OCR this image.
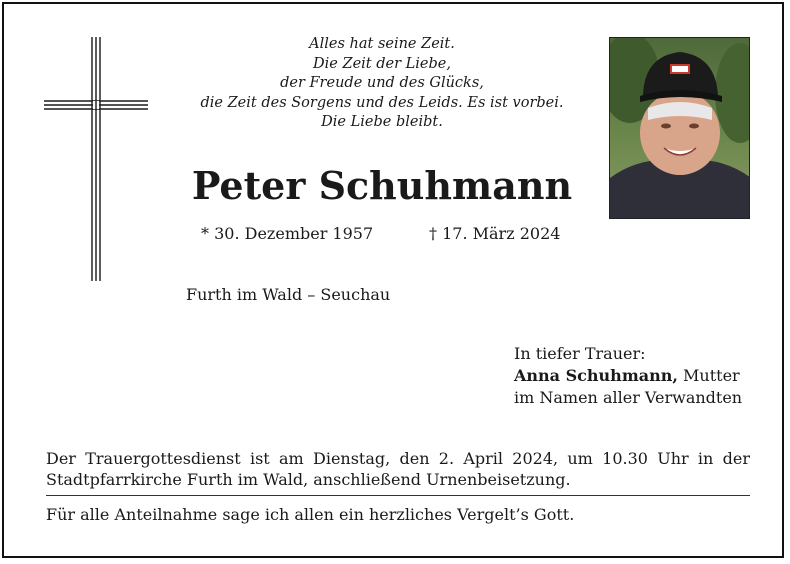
Alles hat seine Zeit.
Die Zeit der Liebe,
der Freude und des Glücks,
die Zeit des Sorgens und des Leids. Es ist vorbei.
Die Liebe bleibt.
Peter Schuhmann
* 30. Dezember 1957	† 17. März 2024
Furth im Wald – Seuchau
In tiefer Trauer:
Anna Schuhmann, Mutter
im Namen aller Verwandten
Der Trauergottesdienst ist am Dienstag, den 2. April 2024, um 10.30 Uhr in der
Stadtpfarrkirche Furth im Wald, anschließend Urnenbeisetzung.
Für alle Anteilnahme sage ich allen ein herzliches Vergelt’s Gott.
